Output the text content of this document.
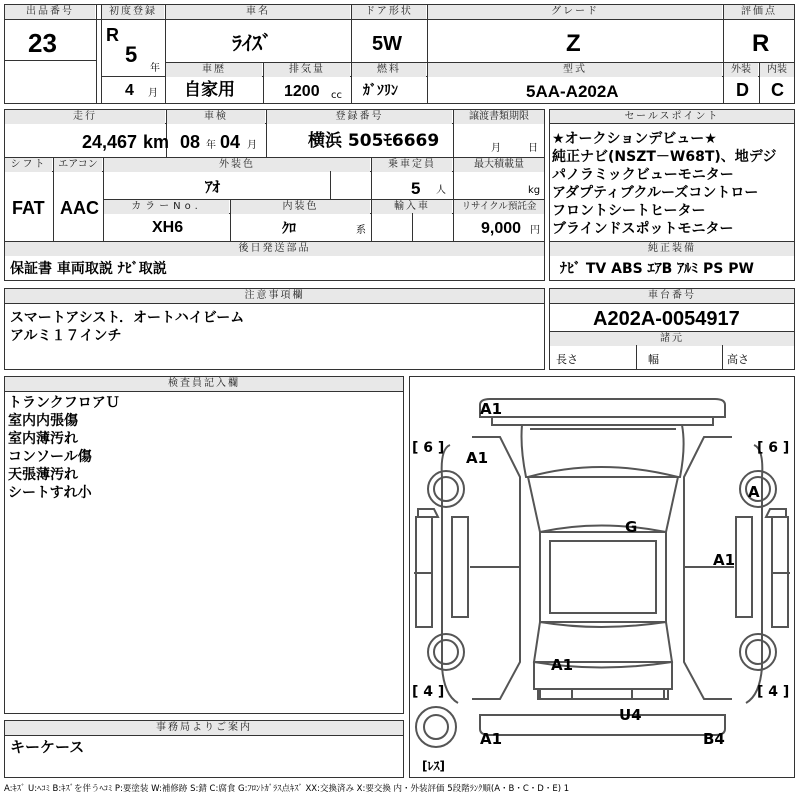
出品番号
23
初度登録
R
5
年
4 月
車名
ﾗｲｽﾞ
ドア形状
5W
グレード
Z
評価点
R
車歴
自家用
排気量
1200 cc
燃料
ｶﾞｿﾘﾝ
型式
5AA-A202A
外装	内装
D C
走行
24,467 km
車検
08 年 04 月
登録番号
横浜 505ﾓ6669
譲渡書類期限
月	日
シフト
FAT
エアコン
AAC
外装色
ｱｵ
乗車定員
5 人
最大積載量
kg
カラーNo.
XH6
内装色
ｸﾛ	系
輸入車	リサイクル預託金
9,000 円
後日発送部品
保証書 車両取説 ﾅﾋﾞ取説
セールスポイント
★オークションデビュー★
純正ナビ(NSZT－W68T)、地デジ
パノラミックビューモニター
アダプティブクルーズコントロー
フロントシートヒーター
ブラインドスポットモニター
純正装備
ﾅﾋﾞ TV ABS ｴｱB ｱﾙﾐ PS PW
注意事項欄
スマートアシスト．オートハイビーム
アルミ１７インチ
車台番号
A202A-0054917
諸元
長さ	幅	高さ
検査員記入欄
トランクフロアＵ
室内内張傷
室内薄汚れ
コンソール傷
天張薄汚れ
シートすれ小
事務局よりご案内
キーケース
A1
A1
A
G
A1
A1
U4
A1	B4
[ 6 ]	[ 6 ]
[ 4 ]	[ 4 ]
[ﾚｽ]
A:ｷｽﾞ U:ﾍｺﾐ B:ｷｽﾞを伴うﾍｺﾐ P:要塗装 W:補修跡 S:錆 C:腐食 G:ﾌﾛﾝﾄｶﾞﾗｽ点ｷｽﾞ XX:交換済み X:要交換 内・外装評価 5段階ﾗﾝｸ順(A・B・C・D・E) 1
